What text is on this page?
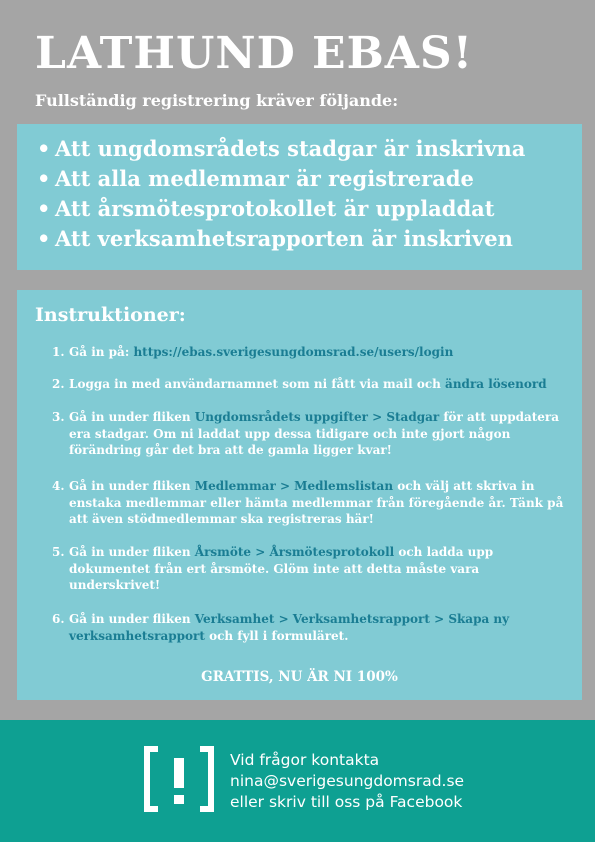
LATHUND EBAS!

Fullständig registrering kräver följande:

• Att ungdomsrådets stadgar är inskrivna
• Att alla medlemmar är registrerade
• Att årsmötesprotokollet är uppladdat
• Att verksamhetsrapporten är inskriven
Instruktioner:
1. Gå in på: https://ebas.sverigesungdomsrad.se/users/login
2. Logga in med användarnamnet som ni fått via mail och ändra lösenord
3. Gå in under fliken Ungdomsrådets uppgifter > Stadgar för att uppdatera era stadgar. Om ni laddat upp dessa tidigare och inte gjort någon förändring går det bra att de gamla ligger kvar!
4. Gå in under fliken Medlemmar > Medlemslistan och välj att skriva in enstaka medlemmar eller hämta medlemmar från föregående år. Tänk på att även stödmedlemmar ska registreras här!
5. Gå in under fliken Årsmöte > Årsmötesprotokoll och ladda upp dokumentet från ert årsmöte. Glöm inte att detta måste vara underskrivet!
6. Gå in under fliken Verksamhet > Verksamhetsrapport > Skapa ny verksamhetsrapport och fyll i formuläret.
GRATTIS, NU ÄR NI 100%
Vid frågor kontakta
nina@sverigesungdomsrad.se
eller skriv till oss på Facebook
